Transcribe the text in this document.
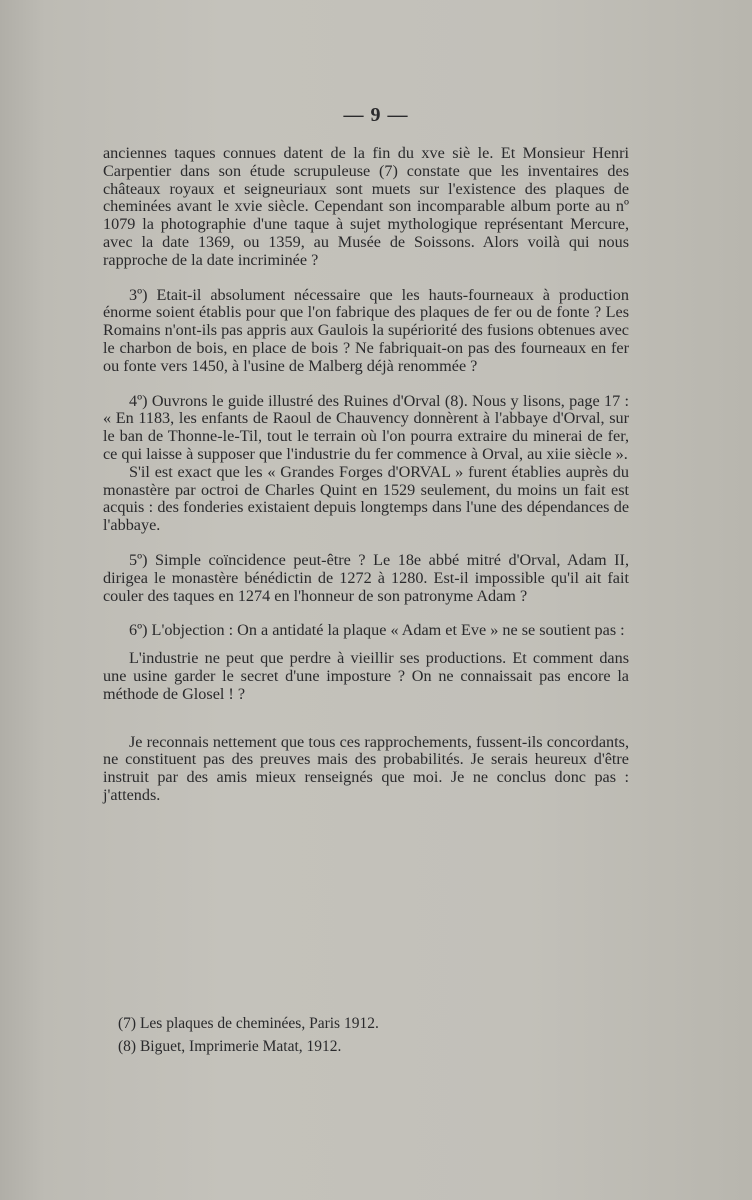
— 9 —

anciennes taques connues datent de la fin du xve siè le. Et Monsieur Henri Carpentier dans son étude scrupuleuse (7) constate que les inventaires des châteaux royaux et seigneuriaux sont muets sur l'existence des plaques de cheminées avant le xvie siècle. Cependant son incomparable album porte au nº 1079 la photographie d'une taque à sujet mythologique représentant Mercure, avec la date 1369, ou 1359, au Musée de Soissons. Alors voilà qui nous rapproche de la date incriminée ?

3º) Etait-il absolument nécessaire que les hauts-fourneaux à production énorme soient établis pour que l'on fabrique des plaques de fer ou de fonte ? Les Romains n'ont-ils pas appris aux Gaulois la supériorité des fusions obtenues avec le charbon de bois, en place de bois ? Ne fabriquait-on pas des fourneaux en fer ou fonte vers 1450, à l'usine de Malberg déjà renommée ?

4º) Ouvrons le guide illustré des Ruines d'Orval (8). Nous y lisons, page 17 : « En 1183, les enfants de Raoul de Chauvency donnèrent à l'abbaye d'Orval, sur le ban de Thonne-le-Til, tout le terrain où l'on pourra extraire du minerai de fer, ce qui laisse à supposer que l'industrie du fer commence à Orval, au xiie siècle ».

S'il est exact que les « Grandes Forges d'ORVAL » furent établies auprès du monastère par octroi de Charles Quint en 1529 seulement, du moins un fait est acquis : des fonderies existaient depuis longtemps dans l'une des dépendances de l'abbaye.

5º) Simple coïncidence peut-être ? Le 18e abbé mitré d'Orval, Adam II, dirigea le monastère bénédictin de 1272 à 1280. Est-il impossible qu'il ait fait couler des taques en 1274 en l'honneur de son patronyme Adam ?

6º) L'objection : On a antidaté la plaque « Adam et Eve » ne se soutient pas :

L'industrie ne peut que perdre à vieillir ses productions. Et comment dans une usine garder le secret d'une imposture ? On ne connaissait pas encore la méthode de Glosel ! ?

Je reconnais nettement que tous ces rapprochements, fussent-ils concordants, ne constituent pas des preuves mais des probabilités. Je serais heureux d'être instruit par des amis mieux renseignés que moi. Je ne conclus donc pas : j'attends.

(7) Les plaques de cheminées, Paris 1912.
(8) Biguet, Imprimerie Matat, 1912.
